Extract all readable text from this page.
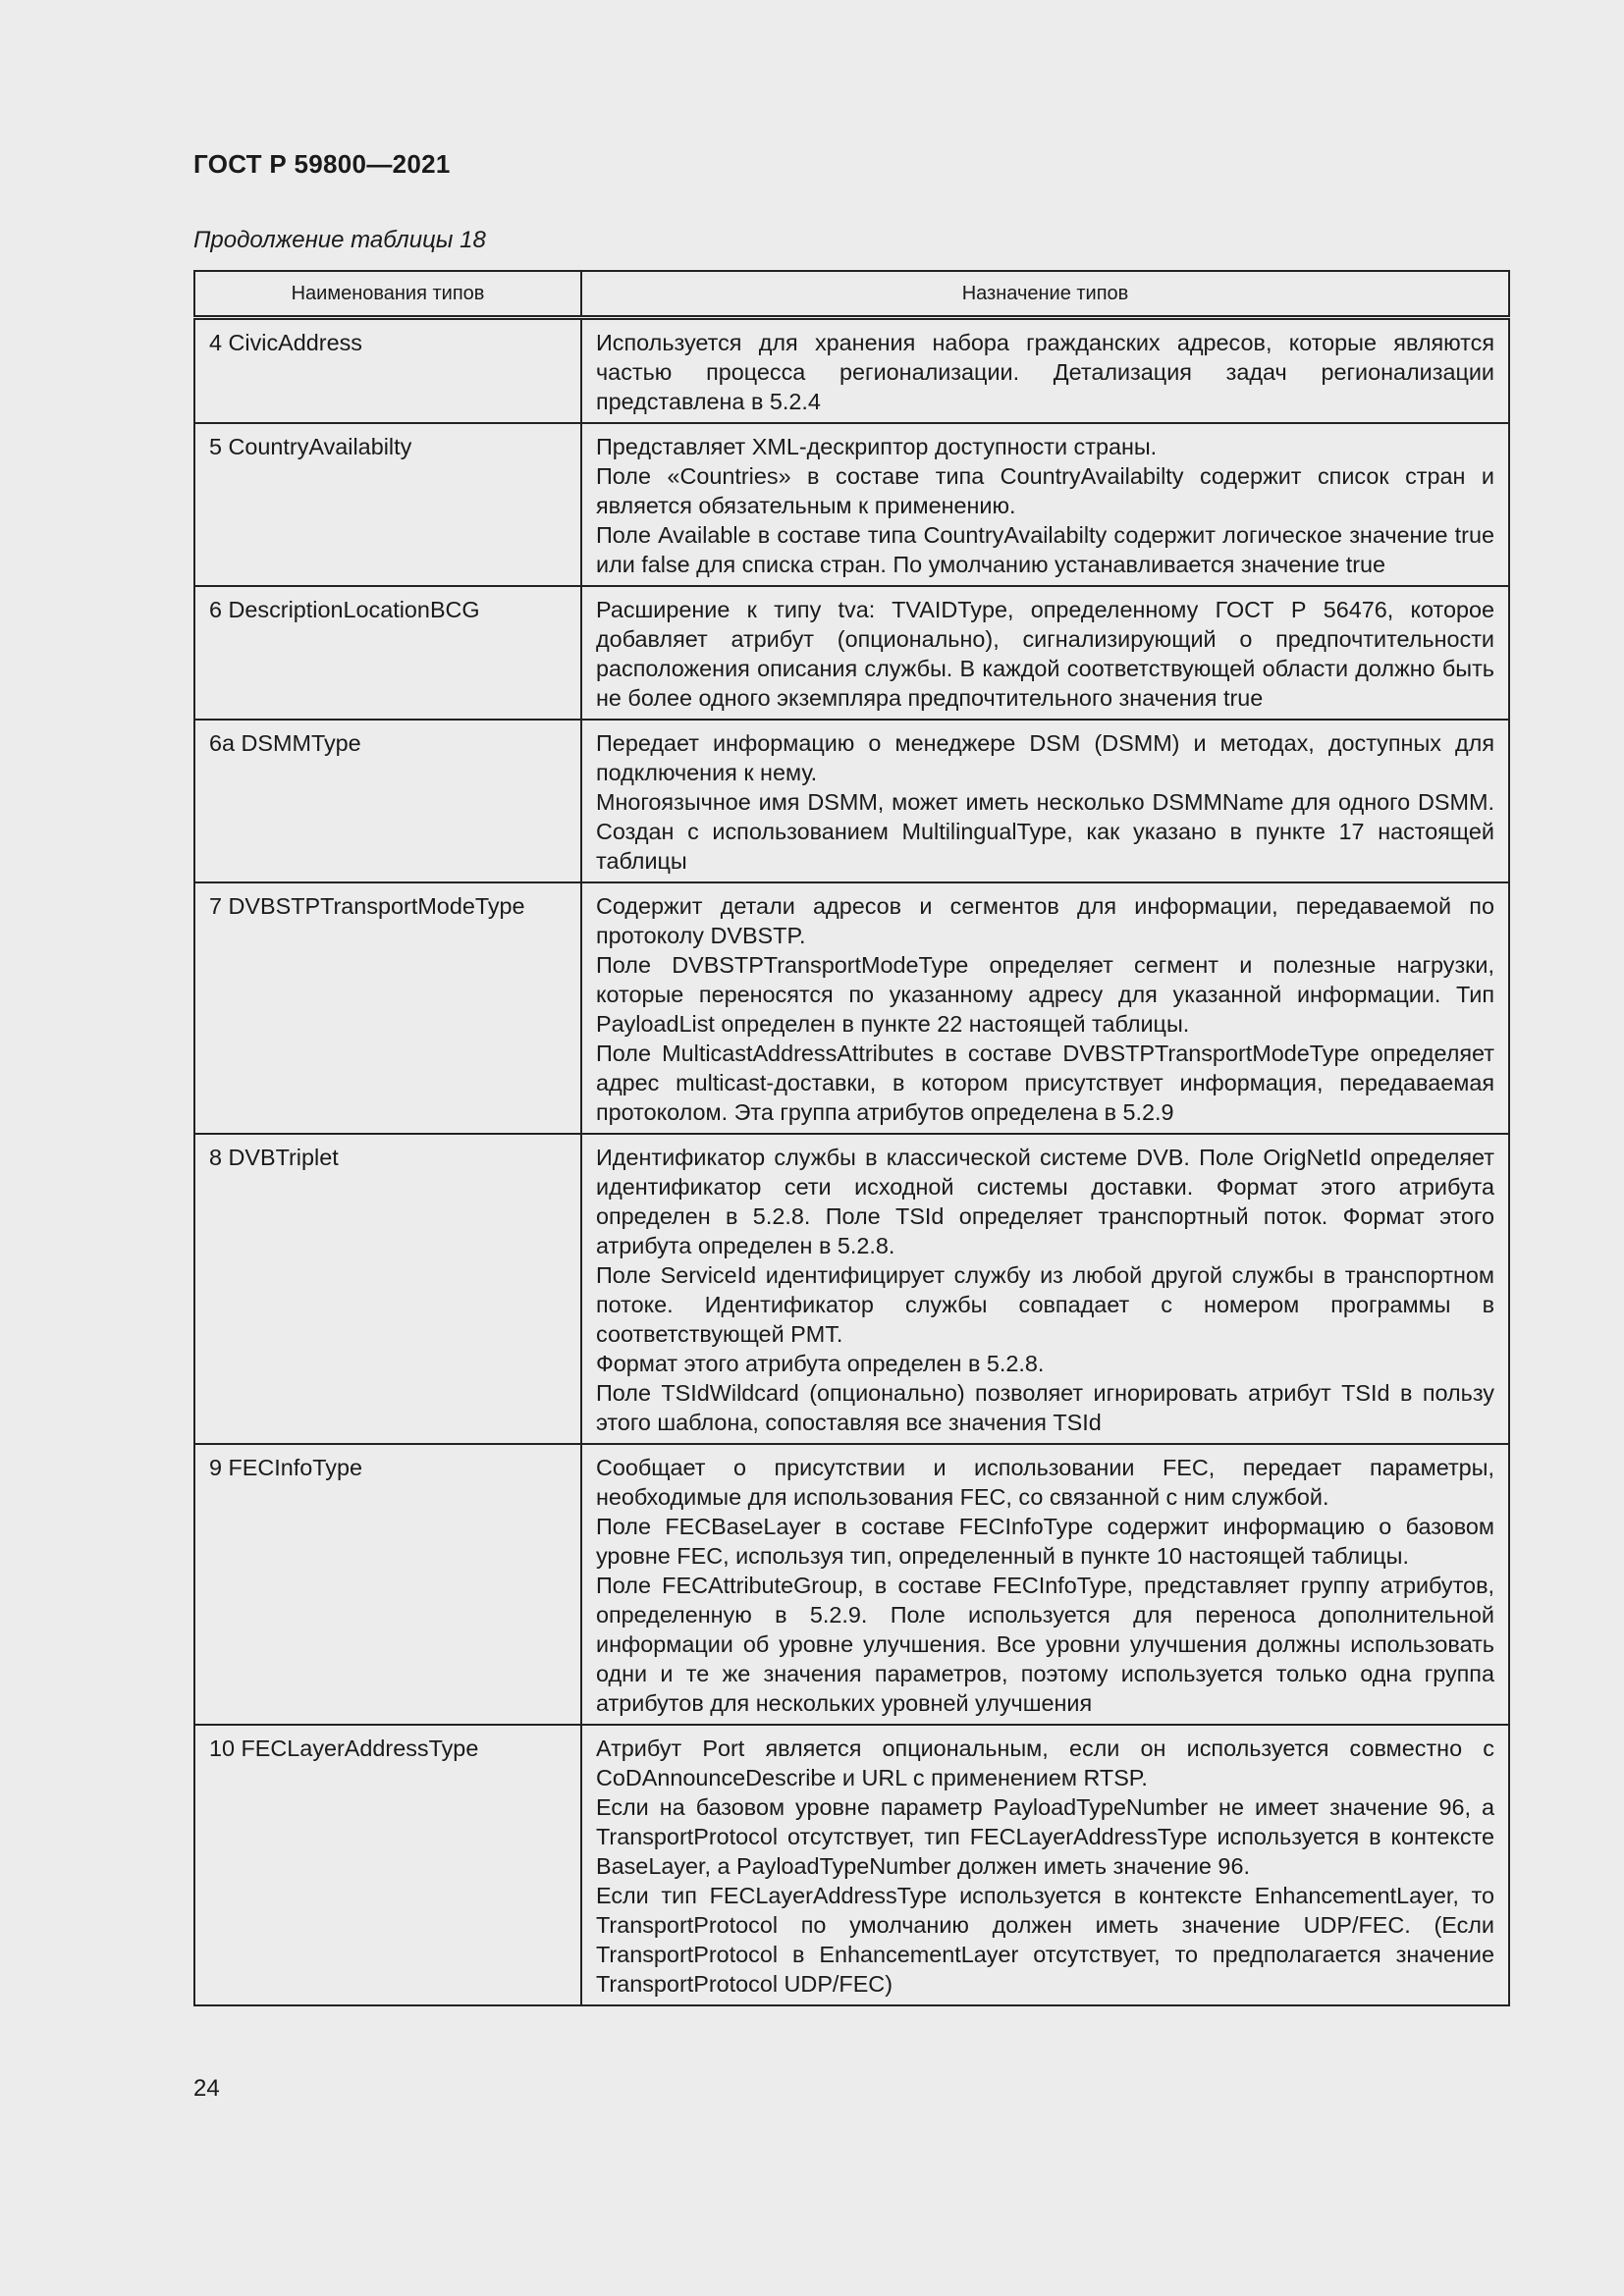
ГОСТ Р 59800—2021
Продолжение таблицы 18
Наименования типов	Назначение типов
4 CivicAddress	Используется для хранения набора гражданских адресов, которые являются частью процесса регионализации. Детализация задач регионализации представлена в 5.2.4

5 CountryAvailabilty	Представляет XML-дескриптор доступности страны.

Поле «Countries» в составе типа CountryAvailabilty содержит список стран и является обязательным к применению.

Поле Available в составе типа CountryAvailabilty содержит логическое значение true или false для списка стран. По умолчанию устанавливается значение true

6 DescriptionLocationBCG	Расширение к типу tva: TVAIDType, определенному ГОСТ Р 56476, которое добавляет атрибут (опционально), сигнализирующий о предпочтительности расположения описания службы. В каждой соответствующей области должно быть не более одного экземпляра предпочтительного значения true

6a DSMMType	Передает информацию о менеджере DSM (DSMM) и методах, доступных для подключения к нему.

Многоязычное имя DSMM, может иметь несколько DSMMName для одного DSMM. Создан с использованием MultilingualType, как указано в пункте 17 настоящей таблицы

7 DVBSTPTransportModeType	Содержит детали адресов и сегментов для информации, передаваемой по протоколу DVBSTP.

Поле DVBSTPTransportModeType определяет сегмент и полезные нагрузки, которые переносятся по указанному адресу для указанной информации. Тип PayloadList определен в пункте 22 настоящей таблицы.

Поле MulticastAddressAttributes в составе DVBSTPTransportModeType определяет адрес multicast-доставки, в котором присутствует информация, передаваемая протоколом. Эта группа атрибутов определена в 5.2.9

8 DVBTriplet	Идентификатор службы в классической системе DVB. Поле OrigNetId определяет идентификатор сети исходной системы доставки. Формат этого атрибута определен в 5.2.8. Поле TSId определяет транспортный поток. Формат этого атрибута определен в 5.2.8.

Поле ServiceId идентифицирует службу из любой другой службы в транспортном потоке. Идентификатор службы совпадает с номером программы в соответствующей PMT.

Формат этого атрибута определен в 5.2.8.

Поле TSIdWildcard (опционально) позволяет игнорировать атрибут TSId в пользу этого шаблона, сопоставляя все значения TSId

9 FECInfoType	Сообщает о присутствии и использовании FEC, передает параметры, необходимые для использования FEC, со связанной с ним службой.

Поле FECBaseLayer в составе FECInfoType содержит информацию о базовом уровне FEC, используя тип, определенный в пункте 10 настоящей таблицы.

Поле FECAttributeGroup, в составе FECInfoType, представляет группу атрибутов, определенную в 5.2.9. Поле используется для переноса дополнительной информации об уровне улучшения. Все уровни улучшения должны использовать одни и те же значения параметров, поэтому используется только одна группа атрибутов для нескольких уровней улучшения

10 FECLayerAddressType	Атрибут Port является опциональным, если он используется совместно с CoDAnnounceDescribe и URL с применением RTSP.

Если на базовом уровне параметр PayloadTypeNumber не имеет значение 96, а TransportProtocol отсутствует, тип FECLayerAddressType используется в контексте BaseLayer, а PayloadTypeNumber должен иметь значение 96.

Если тип FECLayerAddressType используется в контексте EnhancementLayer, то TransportProtocol по умолчанию должен иметь значение UDP/FEC. (Если TransportProtocol в EnhancementLayer отсутствует, то предполагается значение TransportProtocol UDP/FEC)

24
